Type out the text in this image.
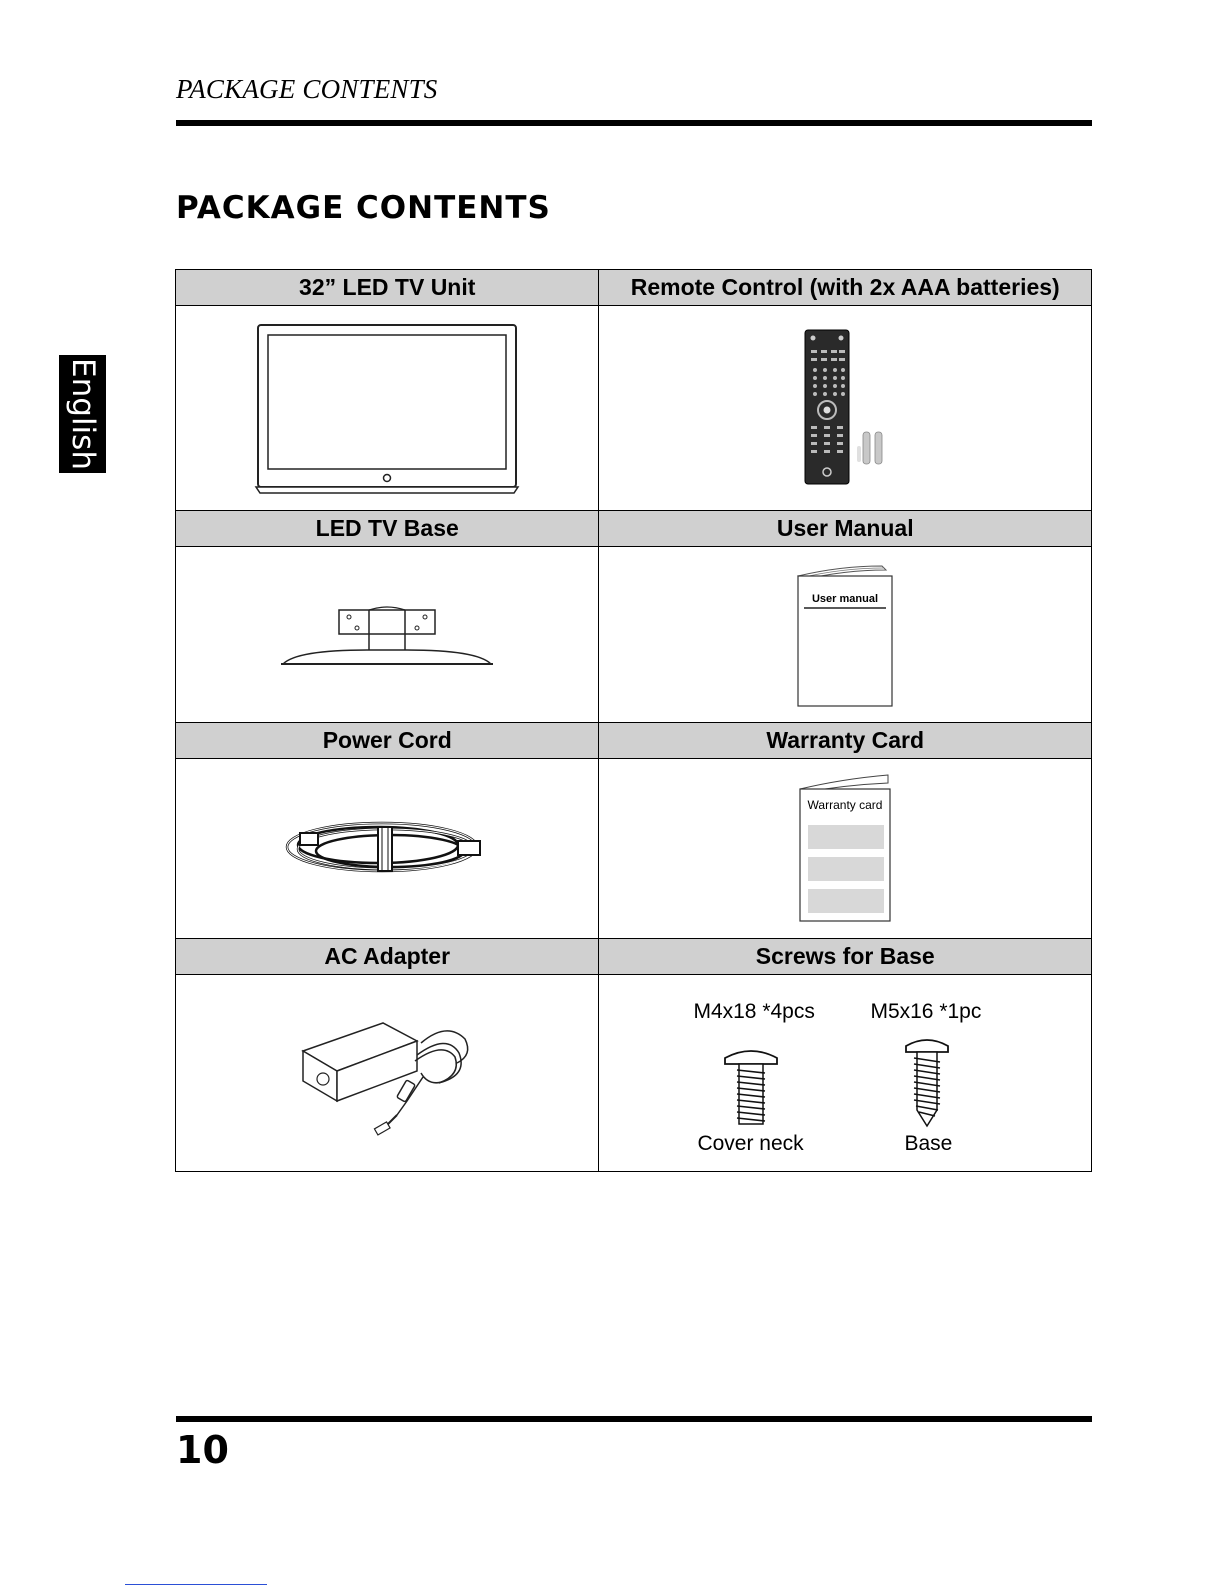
PACKAGE CONTENTS
PACKAGE CONTENTS
English
32” LED TV Unit	Remote Control (with 2x AAA batteries)

LED TV Base	User Manual

User manual

Power Cord	Warranty Card

Warranty card

AC Adapter	Screws for Base

M4x18 *4pcs M5x16 *1pc
Cover neck Base
10
